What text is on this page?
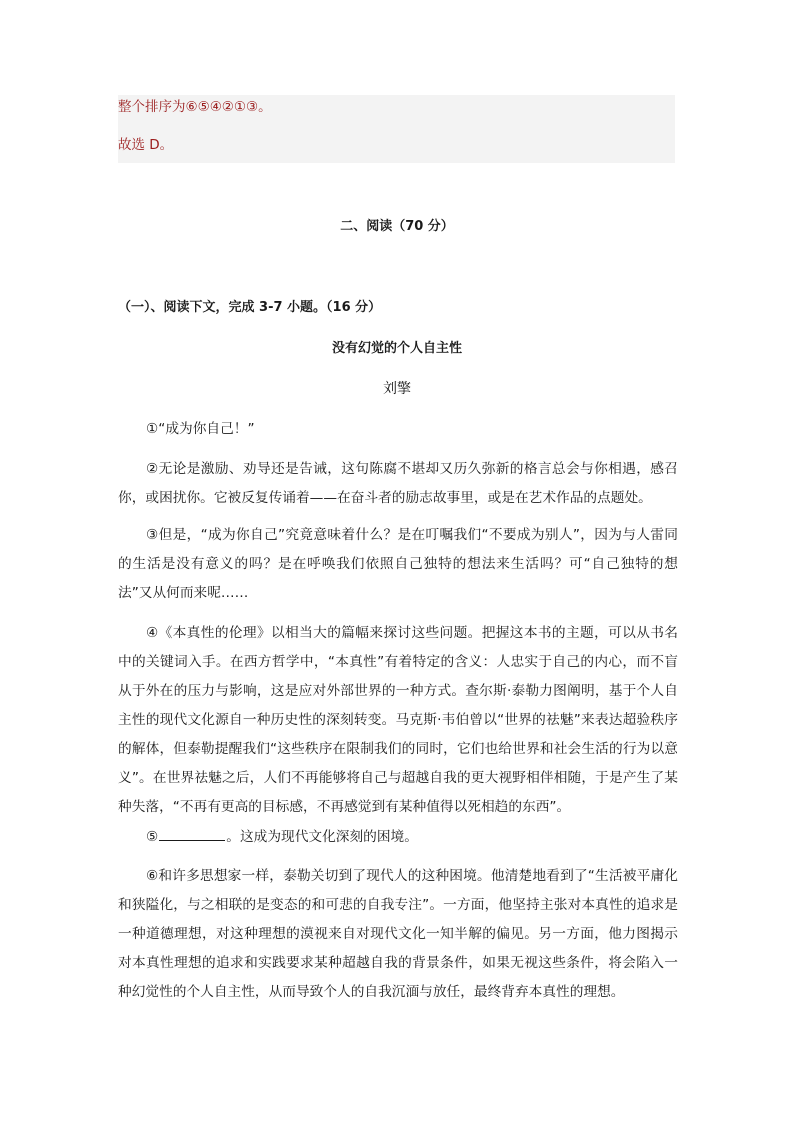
整个排序为⑥⑤④②①③。
故选 D。
二、阅读（70 分）
（一）、阅读下文，完成 3-7 小题。（16 分）
没有幻觉的个人自主性
刘擎

①“成为你自己！”

②无论是激励、劝导还是告诫，这句陈腐不堪却又历久弥新的格言总会与你相遇，感召你，或困扰你。它被反复传诵着——在奋斗者的励志故事里，或是在艺术作品的点题处。

③但是，“成为你自己”究竟意味着什么？是在叮嘱我们“不要成为别人”，因为与人雷同的生活是没有意义的吗？是在呼唤我们依照自己独特的想法来生活吗？可“自己独特的想法”又从何而来呢……

④《本真性的伦理》以相当大的篇幅来探讨这些问题。把握这本书的主题，可以从书名中的关键词入手。在西方哲学中，“本真性”有着特定的含义：人忠实于自己的内心，而不盲从于外在的压力与影响，这是应对外部世界的一种方式。查尔斯·泰勒力图阐明，基于个人自主性的现代文化源自一种历史性的深刻转变。马克斯·韦伯曾以“世界的祛魅”来表达超验秩序的解体，但泰勒提醒我们“这些秩序在限制我们的同时，它们也给世界和社会生活的行为以意义”。在世界祛魅之后，人们不再能够将自己与超越自我的更大视野相伴相随，于是产生了某种失落，“不再有更高的目标感，不再感觉到有某种值得以死相趋的东西”。

⑤	。这成为现代文化深刻的困境。

⑥和许多思想家一样，泰勒关切到了现代人的这种困境。他清楚地看到了“生活被平庸化和狭隘化，与之相联的是变态的和可悲的自我专注”。一方面，他坚持主张对本真性的追求是一种道德理想，对这种理想的漠视来自对现代文化一知半解的偏见。另一方面，他力图揭示对本真性理想的追求和实践要求某种超越自我的背景条件，如果无视这些条件，将会陷入一种幻觉性的个人自主性，从而导致个人的自我沉湎与放任，最终背弃本真性的理想。
